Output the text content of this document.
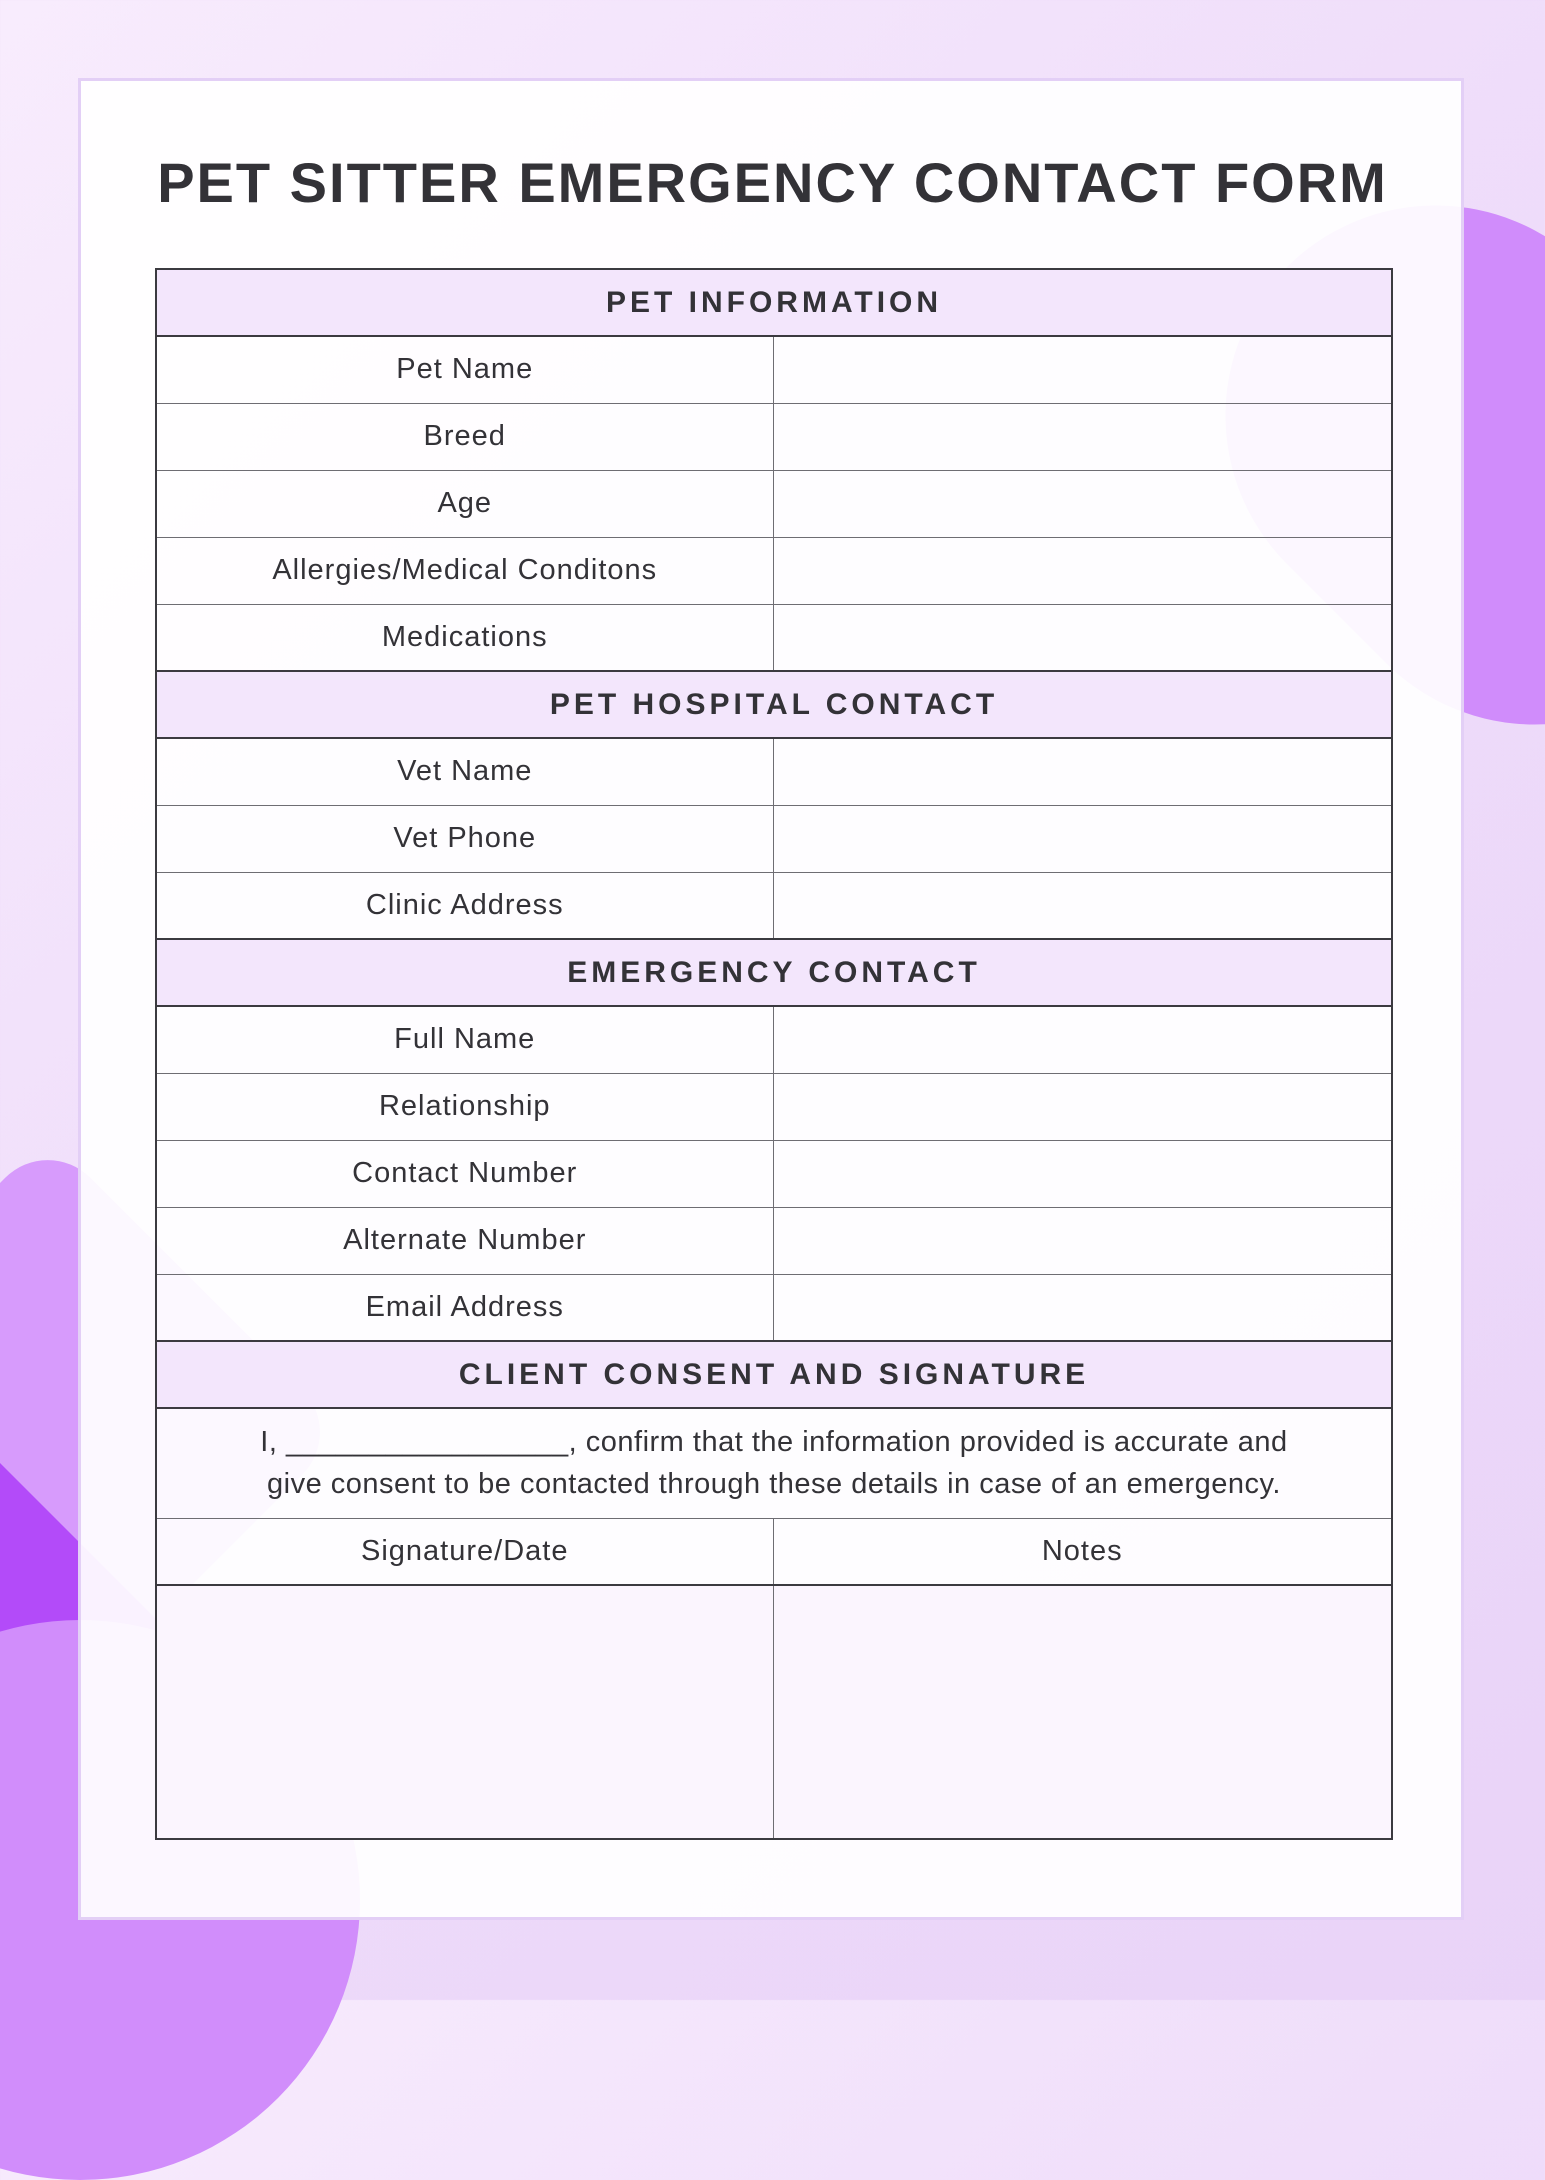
PET SITTER EMERGENCY CONTACT FORM
PET INFORMATION	
Pet Name	
Breed	
Age	
Allergies/Medical Conditons	
Medications	
PET HOSPITAL CONTACT	
Vet Name	
Vet Phone	
Clinic Address	
EMERGENCY CONTACT	
Full Name	
Relationship	
Contact Number	
Alternate Number	
Email Address	
CLIENT CONSENT AND SIGNATURE	

I, _________________, confirm that the information provided is accurate and
give consent to be contacted through these details in case of an emergency.	

Signature/Date	Notes
